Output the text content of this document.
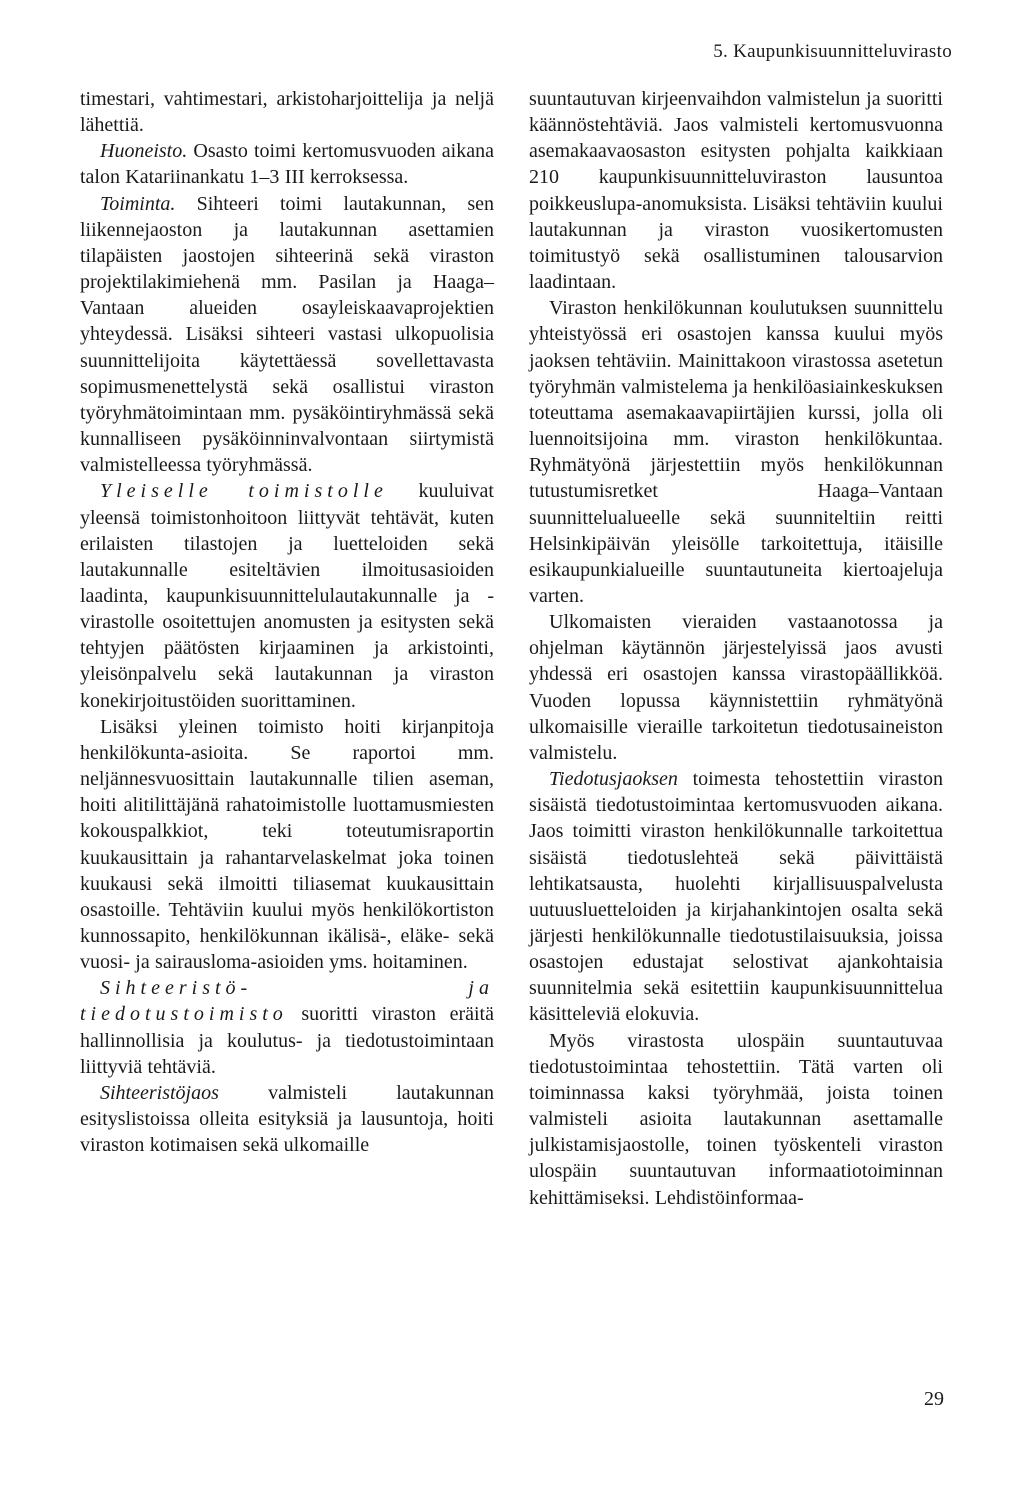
5. Kaupunkisuunnitteluvirasto

timestari, vahtimestari, arkistoharjoittelija ja neljä lähettiä.

Huoneisto. Osasto toimi kertomusvuoden aikana talon Katariinankatu 1–3 III kerroksessa.

Toiminta. Sihteeri toimi lautakunnan, sen liikennejaoston ja lautakunnan asettamien tilapäisten jaostojen sihteerinä sekä viraston projektilakimiehenä mm. Pasilan ja Haaga–Vantaan alueiden osayleiskaavaprojektien yhteydessä. Lisäksi sihteeri vastasi ulkopuolisia suunnittelijoita käytettäessä sovellettavasta sopimusmenettelystä sekä osallistui viraston työryhmätoimintaan mm. pysäköintiryhmässä sekä kunnalliseen pysäköinninvalvontaan siirtymistä valmistelleessa työryhmässä.

Yleiselle toimistolle kuuluivat yleensä toimistonhoitoon liittyvät tehtävät, kuten erilaisten tilastojen ja luetteloiden sekä lautakunnalle esiteltävien ilmoitusasioiden laadinta, kaupunkisuunnittelulautakunnalle ja -virastolle osoitettujen anomusten ja esitysten sekä tehtyjen päätösten kirjaaminen ja arkistointi, yleisönpalvelu sekä lautakunnan ja viraston konekirjoitustöiden suorittaminen.

Lisäksi yleinen toimisto hoiti kirjanpitoja henkilökunta-asioita. Se raportoi mm. neljännesvuosittain lautakunnalle tilien aseman, hoiti alitilittäjänä rahatoimistolle luottamusmiesten kokouspalkkiot, teki toteutumisraportin kuukausittain ja rahantarvelaskelmat joka toinen kuukausi sekä ilmoitti tiliasemat kuukausittain osastoille. Tehtäviin kuului myös henkilökortiston kunnossapito, henkilökunnan ikälisä-, eläke- sekä vuosi- ja sairausloma-asioiden yms. hoitaminen.

Sihteeristö- ja tiedotustoimisto suoritti viraston eräitä hallinnollisia ja koulutus- ja tiedotustoimintaan liittyviä tehtäviä.

Sihteeristöjaos valmisteli lautakunnan esityslistoissa olleita esityksiä ja lausuntoja, hoiti viraston kotimaisen sekä ulkomaille

suuntautuvan kirjeenvaihdon valmistelun ja suoritti käännöstehtäviä. Jaos valmisteli kertomusvuonna asemakaavaosaston esitysten pohjalta kaikkiaan 210 kaupunkisuunnitteluviraston lausuntoa poikkeuslupa-anomuksista. Lisäksi tehtäviin kuului lautakunnan ja viraston vuosikertomusten toimitustyö sekä osallistuminen talousarvion laadintaan.

Viraston henkilökunnan koulutuksen suunnittelu yhteistyössä eri osastojen kanssa kuului myös jaoksen tehtäviin. Mainittakoon virastossa asetetun työryhmän valmistelema ja henkilöasiainkeskuksen toteuttama asemakaavapiirtäjien kurssi, jolla oli luennoitsijoina mm. viraston henkilökuntaa. Ryhmätyönä järjestettiin myös henkilökunnan tutustumisretket Haaga–Vantaan suunnittelualueelle sekä suunniteltiin reitti Helsinkipäivän yleisölle tarkoitettuja, itäisille esikaupunkialueille suuntautuneita kiertoajeluja varten.

Ulkomaisten vieraiden vastaanotossa ja ohjelman käytännön järjestelyissä jaos avusti yhdessä eri osastojen kanssa virastopäällikköä. Vuoden lopussa käynnistettiin ryhmätyönä ulkomaisille vieraille tarkoitetun tiedotusaineiston valmistelu.

Tiedotusjaoksen toimesta tehostettiin viraston sisäistä tiedotustoimintaa kertomusvuoden aikana. Jaos toimitti viraston henkilökunnalle tarkoitettua sisäistä tiedotuslehteä sekä päivittäistä lehtikatsausta, huolehti kirjallisuuspalvelusta uutuusluetteloiden ja kirjahankintojen osalta sekä järjesti henkilökunnalle tiedotustilaisuuksia, joissa osastojen edustajat selostivat ajankohtaisia suunnitelmia sekä esitettiin kaupunkisuunnittelua käsitteleviä elokuvia.

Myös virastosta ulospäin suuntautuvaa tiedotustoimintaa tehostettiin. Tätä varten oli toiminnassa kaksi työryhmää, joista toinen valmisteli asioita lautakunnan asettamalle julkistamisjaostolle, toinen työskenteli viraston ulospäin suuntautuvan informaatiotoiminnan kehittämiseksi. Lehdistöinformaa-

29
